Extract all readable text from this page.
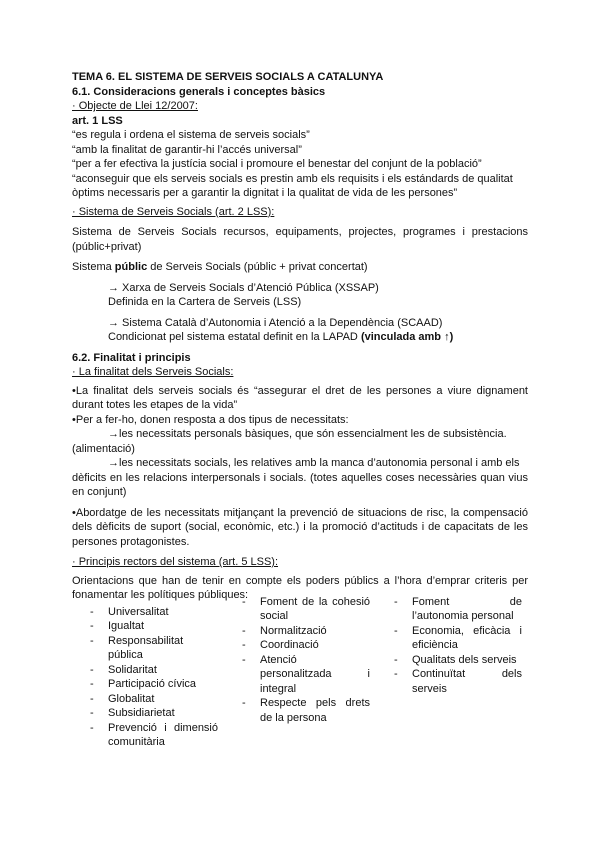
TEMA 6. EL SISTEMA DE SERVEIS SOCIALS A CATALUNYA

6.1. Consideracions generals i conceptes bàsics

· Objecte de Llei 12/2007:

art. 1 LSS

“es regula i ordena el sistema de serveis socials”

“amb la finalitat de garantir-hi l’accés universal”

“per a fer efectiva la justícia social i promoure el benestar del conjunt de la població”

“aconseguir que els serveis socials es prestin amb els requisits i els estándards de qualitat

òptims necessaris per a garantir la dignitat i la qualitat de vida de les persones”

· Sistema de Serveis Socials (art. 2 LSS):

Sistema de Serveis Socials recursos, equipaments, projectes, programes i prestacions

(públic+privat)

Sistema públic de Serveis Socials (públic + privat concertat)

→ Xarxa de Serveis Socials d’Atenció Pública (XSSAP)

Definida en la Cartera de Serveis (LSS)

→ Sistema Català d’Autonomia i Atenció a la Dependència (SCAAD)

Condicionat pel sistema estatal definit en la LAPAD (vinculada amb ↑)

6.2. Finalitat i principis

· La finalitat dels Serveis Socials:

•La finalitat dels serveis socials és “assegurar el dret de les persones a viure dignament

durant totes les etapes de la vida”

•Per a fer-ho, donen resposta a dos tipus de necessitats:

→les necessitats personals bàsiques, que són essencialment les de subsistència.

(alimentació)

→les necessitats socials, les relatives amb la manca d’autonomia personal i amb els

dèficits en les relacions interpersonals i socials. (totes aquelles coses necessàries quan vius

en conjunt)

•Abordatge de les necessitats mitjançant la prevenció de situacions de risc, la compensació

dels dèficits de suport (social, econòmic, etc.) i la promoció d’actituds i de capacitats de les

persones protagonistes.

· Principis rectors del sistema (art. 5 LSS):

Orientacions que han de tenir en compte els poders públics a l’hora d’emprar criteris per

fonamentar les polítiques públiques:

- Universalitat
- Igualtat
- Responsabilitat pública
- Solidaritat
- Participació cívica
- Globalitat
- Subsidiarietat
- Prevenció i dimensió comunitària
- Foment de la cohesió social
- Normalització
- Coordinació
- Atenció personalitzada i integral
- Respecte pels drets de la persona
- Foment de l’autonomia personal
- Economia, eficàcia i eficiència
- Qualitats dels serveis
- Continuïtat dels serveis
